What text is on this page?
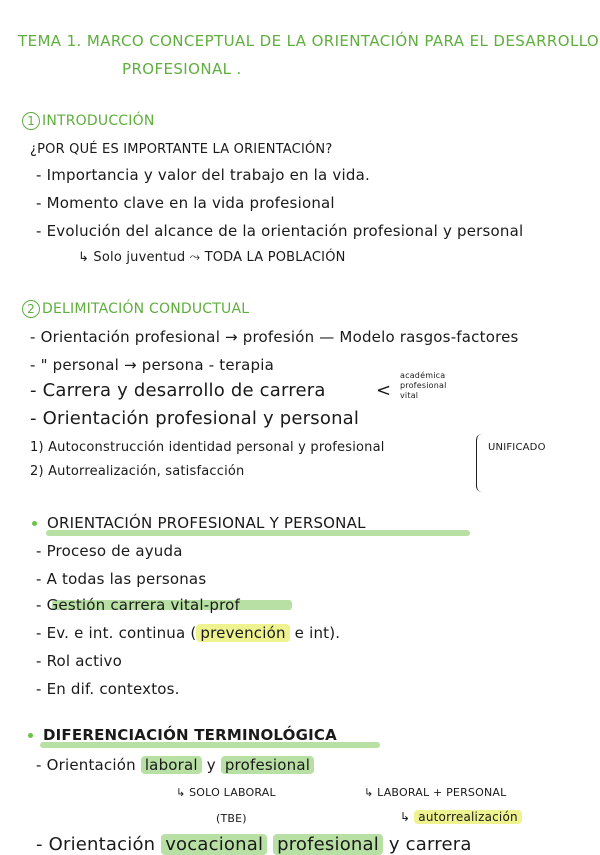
TEMA 1. MARCO CONCEPTUAL DE LA ORIENTACIÓN PARA EL DESARROLLO
PROFESIONAL .
1 INTRODUCCIÓN
¿POR QUÉ ES IMPORTANTE LA ORIENTACIÓN?
- Importancia y valor del trabajo en la vida.
- Momento clave en la vida profesional
- Evolución del alcance de la orientación profesional y personal
↳ Solo juventud ⤳ TODA LA POBLACIÓN
2 DELIMITACIÓN CONDUCTUAL
- Orientación profesional → profesión — Modelo rasgos-factores
- " personal → persona - terapia
- Carrera y desarrollo de carrera	<
académica
profesional
vital
- Orientación profesional y personal
1) Autoconstrucción identidad personal y profesional
2) Autorrealización, satisfacción
UNIFICADO
ORIENTACIÓN PROFESIONAL Y PERSONAL
- Proceso de ayuda
- A todas las personas
- Gestión carrera vital-prof
- Ev. e int. continua ( prevención e int).
- Rol activo
- En dif. contextos.
DIFERENCIACIÓN TERMINOLÓGICA
- Orientación laboral y profesional
↳ SOLO LABORAL
(TBE)
↳ LABORAL + PERSONAL
↳ autorrealización
- Orientación vocacional profesional y carrera
